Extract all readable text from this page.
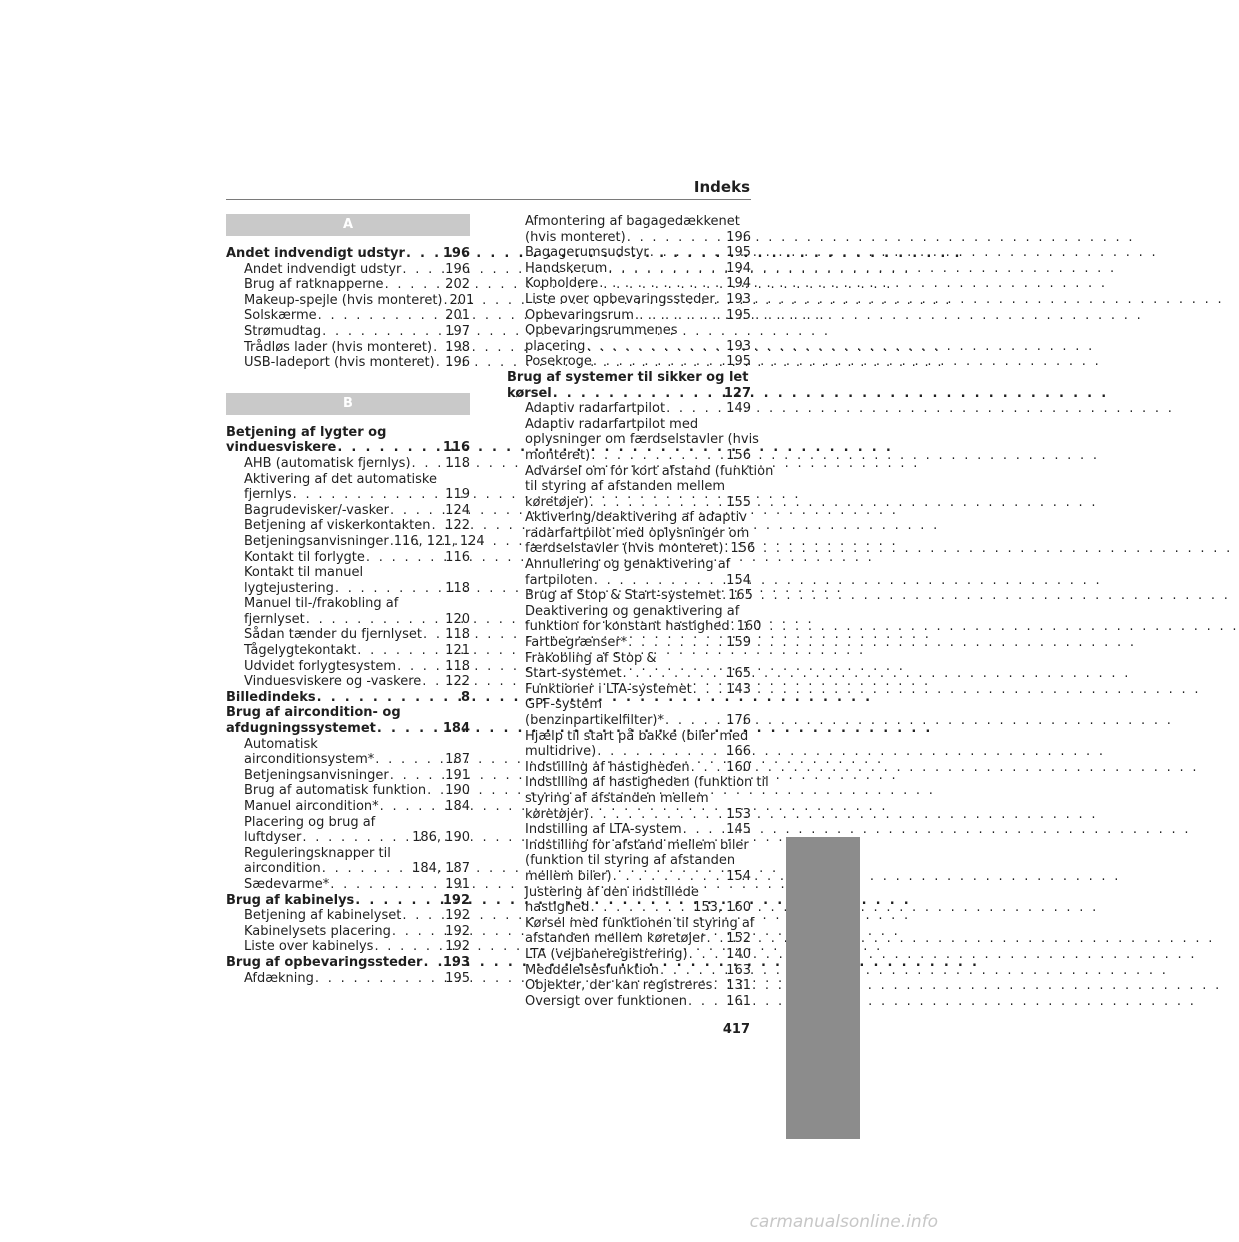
Indeks
A
Andet indvendigt udstyr . . .	196
Andet indvendigt udstyr . . .	196
Brug af ratknapperne . . .	202
Makeup-spejle (hvis monteret) . . . 201
Solskærme . . .	201
Strømudtag . . .	197
Trådløs lader (hvis monteret) . . . 198
USB-ladeport (hvis monteret) . . . 196
B
Betjening af lygter og
vinduesviskere . . .	116
AHB (automatisk fjernlys) . . .	118
Aktivering af det automatiske
fjernlys . . .	119
Bagrudevisker/-vasker . . .	124
Betjening af viskerkontakten . . . 122
Betjeningsanvisninger . . . 116, 121, 124
Kontakt til forlygte . . .	116
Kontakt til manuel
lygtejustering . . .	118
Manuel til-/frakobling af
fjernlyset . . .	120
Sådan tænder du fjernlyset . . . 118
Tågelygtekontakt . . .	121
Udvidet forlygtesystem . . .	118
Vinduesviskere og -vaskere . . . 122
Billedindeks . . .	8
Brug af aircondition- og
afdugningssystemet . . .	184
Automatisk
airconditionsystem* . . .	187
Betjeningsanvisninger . . .	191
Brug af automatisk funktion . . . 190
Manuel aircondition* . . .	184
Placering og brug af
luftdyser . . .	186, 190
Reguleringsknapper til
aircondition . . .	184, 187
Sædevarme* . . .	191
Brug af kabinelys . . .	192
Betjening af kabinelyset . . .	192
Kabinelysets placering . . .	192
Liste over kabinelys . . .	192
Brug af opbevaringssteder . . . 193
Afdækning . . .	195
Afmontering af bagagedækkenet
(hvis monteret) . . .	196
Bagagerumsudstyr . . .	195
Handskerum . . .	194
Kopholdere . . .	194
Liste over opbevaringssteder . . . 193
Opbevaringsrum . . .	195
Opbevaringsrummenes
placering . . .	193
Posekroge . . .	195
Brug af systemer til sikker og let
kørsel . . .	127
Adaptiv radarfartpilot . . .	149
Adaptiv radarfartpilot med
oplysninger om færdselstavler (hvis
monteret) . . .	156
Advarsel om for kort afstand (funktion
til styring af afstanden mellem
køretøjer) . . .	155
Aktivering/deaktivering af adaptiv
radarfartpilot med oplysninger om
færdselstavler (hvis monteret) . . . 156
Annullering og genaktivering af
fartpiloten . . .	154
Brug af Stop & Start-systemet . . . 165
Deaktivering og genaktivering af
funktion for konstant hastighed . . . 160
Fartbegrænser* . . .	159
Frakobling af Stop &
Start-systemet . . .	165
Funktioner i LTA-systemet . . .	143
GPF-system
(benzinpartikelfilter)* . . .	176
Hjælp til start på bakke (biler med
multidrive) . . .	166
Indstilling af hastigheden . . .	160
Indstilling af hastigheden (funktion til
styring af afstanden mellem
køretøjer) . . .	153
Indstilling af LTA-system . . .	145
Indstilling for afstand mellem biler
(funktion til styring af afstanden
mellem biler) . . .	154
Justering af den indstillede
hastighed . . .	153, 160
Kørsel med funktionen til styring af
afstanden mellem køretøjer . . . 152
LTA (vejbaneregistrering) . . .	140
Meddelelsesfunktion . . .	163
Objekter, der kan registreres . . . 131
Oversigt over funktionen . . .	161
417
carmanualsonline.info
